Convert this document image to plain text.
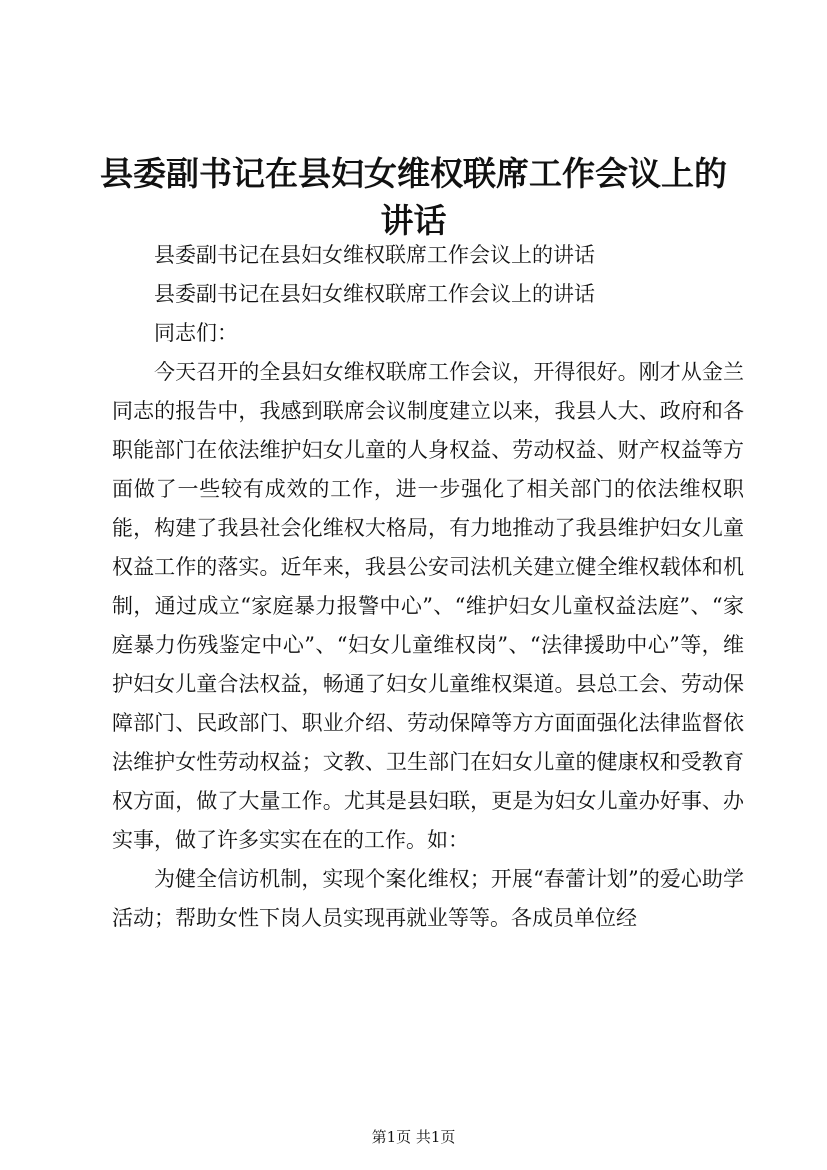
县委副书记在县妇女维权联席工作会议上的讲话

县委副书记在县妇女维权联席工作会议上的讲话

县委副书记在县妇女维权联席工作会议上的讲话

同志们：

今天召开的全县妇女维权联席工作会议，开得很好。刚才从金兰同志的报告中，我感到联席会议制度建立以来，我县人大、政府和各职能部门在依法维护妇女儿童的人身权益、劳动权益、财产权益等方面做了一些较有成效的工作，进一步强化了相关部门的依法维权职能，构建了我县社会化维权大格局，有力地推动了我县维护妇女儿童权益工作的落实。近年来，我县公安司法机关建立健全维权载体和机制，通过成立“家庭暴力报警中心”、“维护妇女儿童权益法庭”、“家庭暴力伤残鉴定中心”、“妇女儿童维权岗”、“法律援助中心”等，维护妇女儿童合法权益，畅通了妇女儿童维权渠道。县总工会、劳动保障部门、民政部门、职业介绍、劳动保障等方方面面强化法律监督依法维护女性劳动权益；文教、卫生部门在妇女儿童的健康权和受教育权方面，做了大量工作。尤其是县妇联，更是为妇女儿童办好事、办实事，做了许多实实在在的工作。如：

为健全信访机制，实现个案化维权；开展“春蕾计划”的爱心助学活动；帮助女性下岗人员实现再就业等等。各成员单位经

第1页 共1页
